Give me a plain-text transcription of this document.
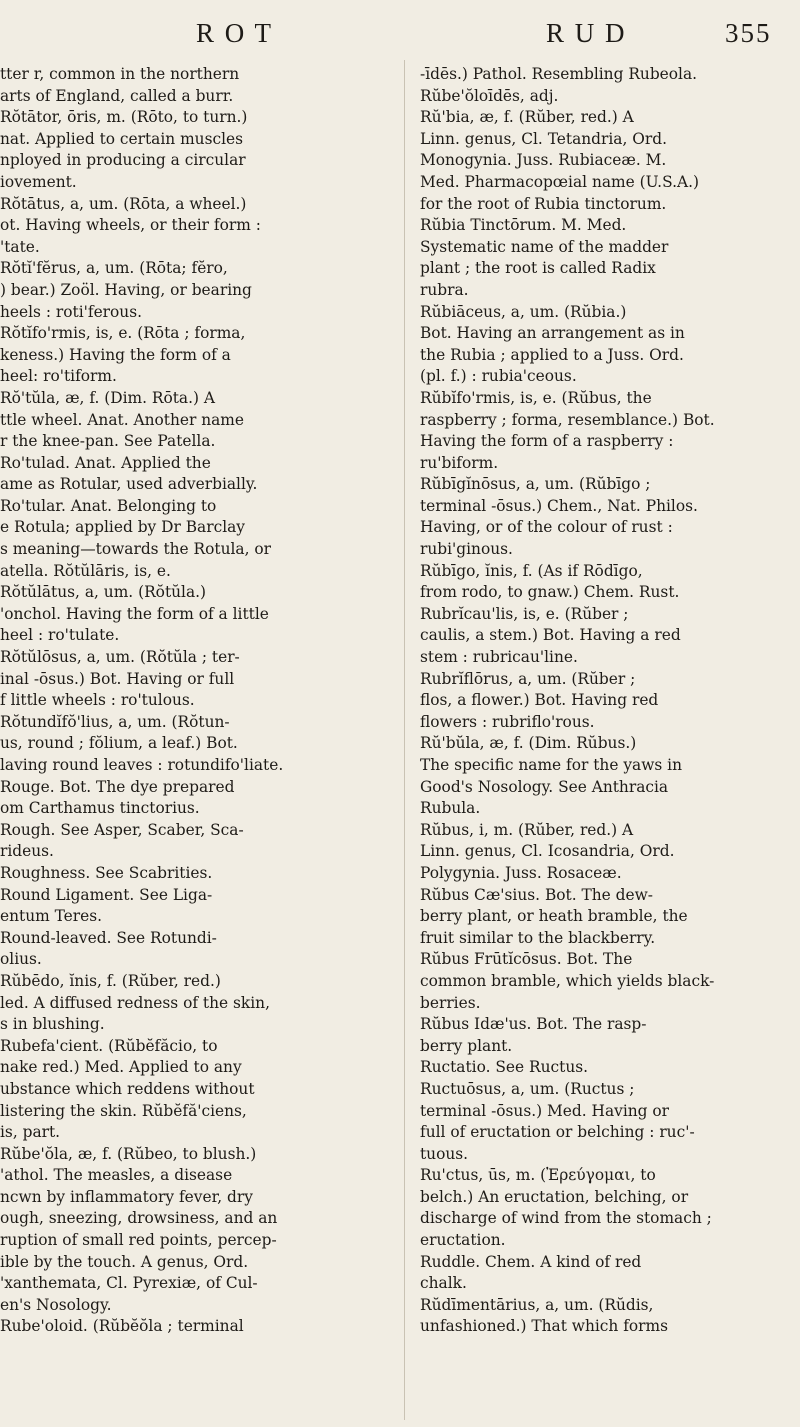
R O T	R U D	355

tter r, common in the northern

arts of England, called a burr.

Rŏtātor, ōris, m. (Rōto, to turn.)

nat. Applied to certain muscles

nployed in producing a circular

iovement.

Rŏtātus, a, um. (Rōta, a wheel.)

ot. Having wheels, or their form :

'tate.

Rŏtĭ'fĕrus, a, um. (Rōta; fĕro,

) bear.) Zoöl. Having, or bearing

heels : roti'ferous.

Rŏtĭfo'rmis, is, e. (Rōta ; forma,

keness.) Having the form of a

heel: ro'tiform.

Rŏ'tŭla, æ, f. (Dim. Rōta.) A

ttle wheel. Anat. Another name

r the knee-pan. See Patella.

Ro'tulad. Anat. Applied the

ame as Rotular, used adverbially.

Ro'tular. Anat. Belonging to

e Rotula; applied by Dr Barclay

s meaning—towards the Rotula, or

atella. Rŏtŭlāris, is, e.

Rŏtŭlātus, a, um. (Rŏtŭla.)

'onchol. Having the form of a little

heel : ro'tulate.

Rŏtŭlōsus, a, um. (Rŏtŭla ; ter-

inal -ōsus.) Bot. Having or full

f little wheels : ro'tulous.

Rŏtundĭfŏ'lius, a, um. (Rŏtun-

us, round ; fŏlium, a leaf.) Bot.

laving round leaves : rotundifo'liate.

Rouge. Bot. The dye prepared

om Carthamus tinctorius.

Rough. See Asper, Scaber, Sca-

rideus.

Roughness. See Scabrities.

Round Ligament. See Liga-

entum Teres.

Round-leaved. See Rotundi-

olius.

Rŭbēdo, ĭnis, f. (Rŭber, red.)

led. A diffused redness of the skin,

s in blushing.

Rubefa'cient. (Rŭbĕfăcio, to

nake red.) Med. Applied to any

ubstance which reddens without

listering the skin. Rŭbĕfă'ciens,

is, part.

Rŭbe'ŏla, æ, f. (Rŭbeo, to blush.)

'athol. The measles, a disease

ncwn by inflammatory fever, dry

ough, sneezing, drowsiness, and an

ruption of small red points, percep-

ible by the touch. A genus, Ord.

'xanthemata, Cl. Pyrexiæ, of Cul-

en's Nosology.

Rube'oloid. (Rŭbĕŏla ; terminal

-īdēs.) Pathol. Resembling Rubeola.

Rŭbe'ŏloīdēs, adj.

Rŭ'bia, æ, f. (Rŭber, red.) A

Linn. genus, Cl. Tetandria, Ord.

Monogynia. Juss. Rubiaceæ. M.

Med. Pharmacopœial name (U.S.A.)

for the root of Rubia tinctorum.

Rŭbia Tinctōrum. M. Med.

Systematic name of the madder

plant ; the root is called Radix

rubra.

Rŭbiāceus, a, um. (Rŭbia.)

Bot. Having an arrangement as in

the Rubia ; applied to a Juss. Ord.

(pl. f.) : rubia'ceous.

Rŭbĭfo'rmis, is, e. (Rŭbus, the

raspberry ; forma, resemblance.) Bot.

Having the form of a raspberry :

ru'biform.

Rŭbīgĭnōsus, a, um. (Rŭbīgo ;

terminal -ōsus.) Chem., Nat. Philos.

Having, or of the colour of rust :

rubi'ginous.

Rŭbīgo, ĭnis, f. (As if Rōdīgo,

from rodo, to gnaw.) Chem. Rust.

Rubrĭcau'lis, is, e. (Rŭber ;

caulis, a stem.) Bot. Having a red

stem : rubricau'line.

Rubrĭflōrus, a, um. (Rŭber ;

flos, a flower.) Bot. Having red

flowers : rubriflo'rous.

Rŭ'bŭla, æ, f. (Dim. Rŭbus.)

The specific name for the yaws in

Good's Nosology. See Anthracia

Rubula.

Rŭbus, i, m. (Rŭber, red.) A

Linn. genus, Cl. Icosandria, Ord.

Polygynia. Juss. Rosaceæ.

Rŭbus Cæ'sius. Bot. The dew-

berry plant, or heath bramble, the

fruit similar to the blackberry.

Rŭbus Frūtĭcōsus. Bot. The

common bramble, which yields black-

berries.

Rŭbus Idæ'us. Bot. The rasp-

berry plant.

Ructatio. See Ructus.

Ructuōsus, a, um. (Ructus ;

terminal -ōsus.) Med. Having or

full of eructation or belching : ruc'-

tuous.

Ru'ctus, ūs, m. (Ἐρεύγομαι, to

belch.) An eructation, belching, or

discharge of wind from the stomach ;

eructation.

Ruddle. Chem. A kind of red

chalk.

Rŭdīmentārius, a, um. (Rŭdis,

unfashioned.) That which forms
